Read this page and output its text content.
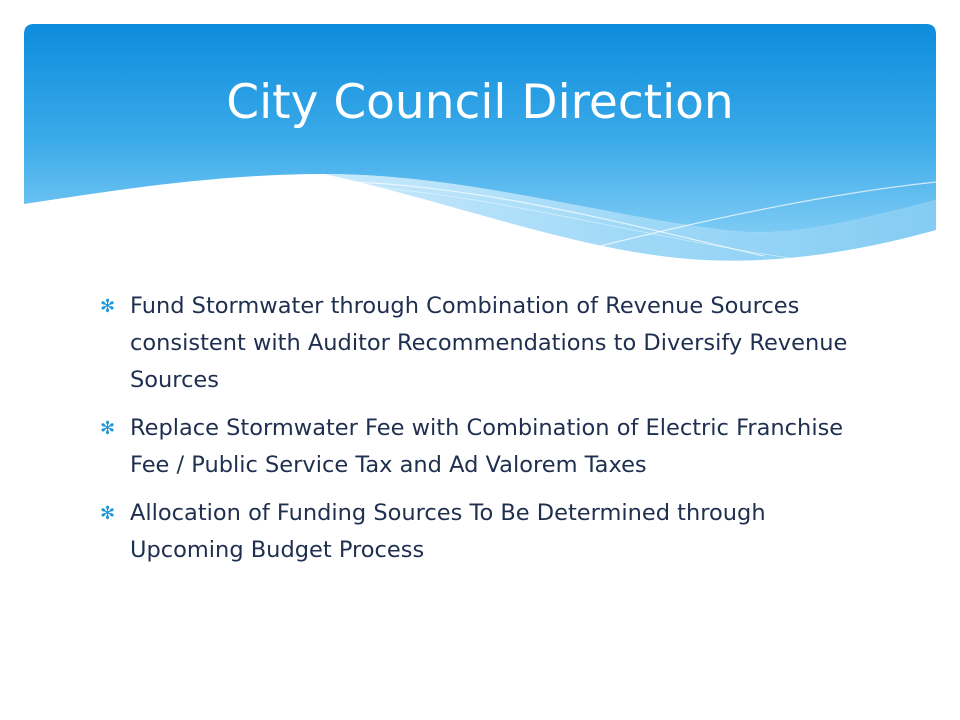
City Council Direction
✻ Fund Stormwater through Combination of Revenue Sources consistent with Auditor Recommendations to Diversify Revenue Sources
✻ Replace Stormwater Fee with Combination of Electric Franchise Fee / Public Service Tax and Ad Valorem Taxes
✻ Allocation of Funding Sources To Be Determined through Upcoming Budget Process
